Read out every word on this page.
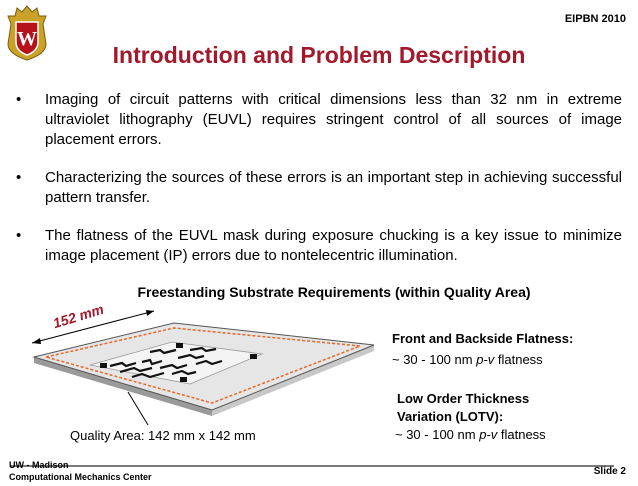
W
EIPBN 2010
Introduction and Problem Description
• Imaging of circuit patterns with critical dimensions less than 32 nm in extreme ultraviolet lithography (EUVL) requires stringent control of all sources of image placement errors.
• Characterizing the sources of these errors is an important step in achieving successful pattern transfer.
• The flatness of the EUVL mask during exposure chucking is a key issue to minimize image placement (IP) errors due to nontelecentric illumination.
Freestanding Substrate Requirements (within Quality Area)
152 mm
Front and Backside Flatness:
~ 30 - 100 nm p-v flatness
Low Order Thickness
Variation (LOTV):
~ 30 - 100 nm p-v flatness
Quality Area: 142 mm x 142 mm
UW - Madison
Computational Mechanics Center	Slide 2
